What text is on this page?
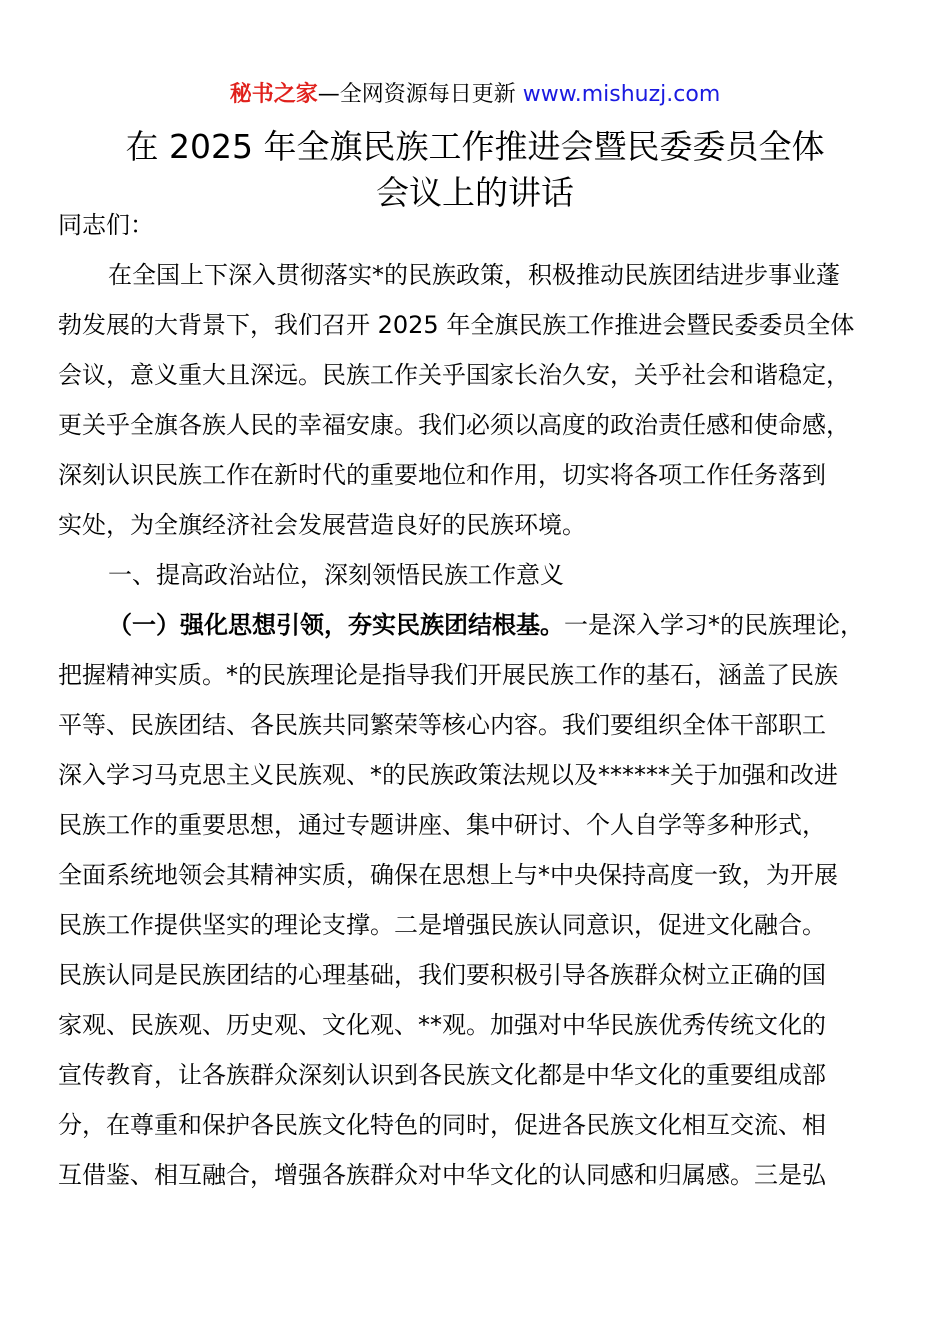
秘书之家—全网资源每日更新 www.mishuzj.com
在 2025 年全旗民族工作推进会暨民委委员全体
会议上的讲话
同志们：
在全国上下深入贯彻落实*的民族政策，积极推动民族团结进步事业蓬
勃发展的大背景下，我们召开 2025 年全旗民族工作推进会暨民委委员全体
会议，意义重大且深远。民族工作关乎国家长治久安，关乎社会和谐稳定，
更关乎全旗各族人民的幸福安康。我们必须以高度的政治责任感和使命感，
深刻认识民族工作在新时代的重要地位和作用，切实将各项工作任务落到
实处，为全旗经济社会发展营造良好的民族环境。
一、提高政治站位，深刻领悟民族工作意义
（一）强化思想引领，夯实民族团结根基。一是深入学习*的民族理论，
把握精神实质。*的民族理论是指导我们开展民族工作的基石，涵盖了民族
平等、民族团结、各民族共同繁荣等核心内容。我们要组织全体干部职工
深入学习马克思主义民族观、*的民族政策法规以及******关于加强和改进
民族工作的重要思想，通过专题讲座、集中研讨、个人自学等多种形式，
全面系统地领会其精神实质，确保在思想上与*中央保持高度一致，为开展
民族工作提供坚实的理论支撑。二是增强民族认同意识，促进文化融合。
民族认同是民族团结的心理基础，我们要积极引导各族群众树立正确的国
家观、民族观、历史观、文化观、**观。加强对中华民族优秀传统文化的
宣传教育，让各族群众深刻认识到各民族文化都是中华文化的重要组成部
分，在尊重和保护各民族文化特色的同时，促进各民族文化相互交流、相
互借鉴、相互融合，增强各族群众对中华文化的认同感和归属感。三是弘
